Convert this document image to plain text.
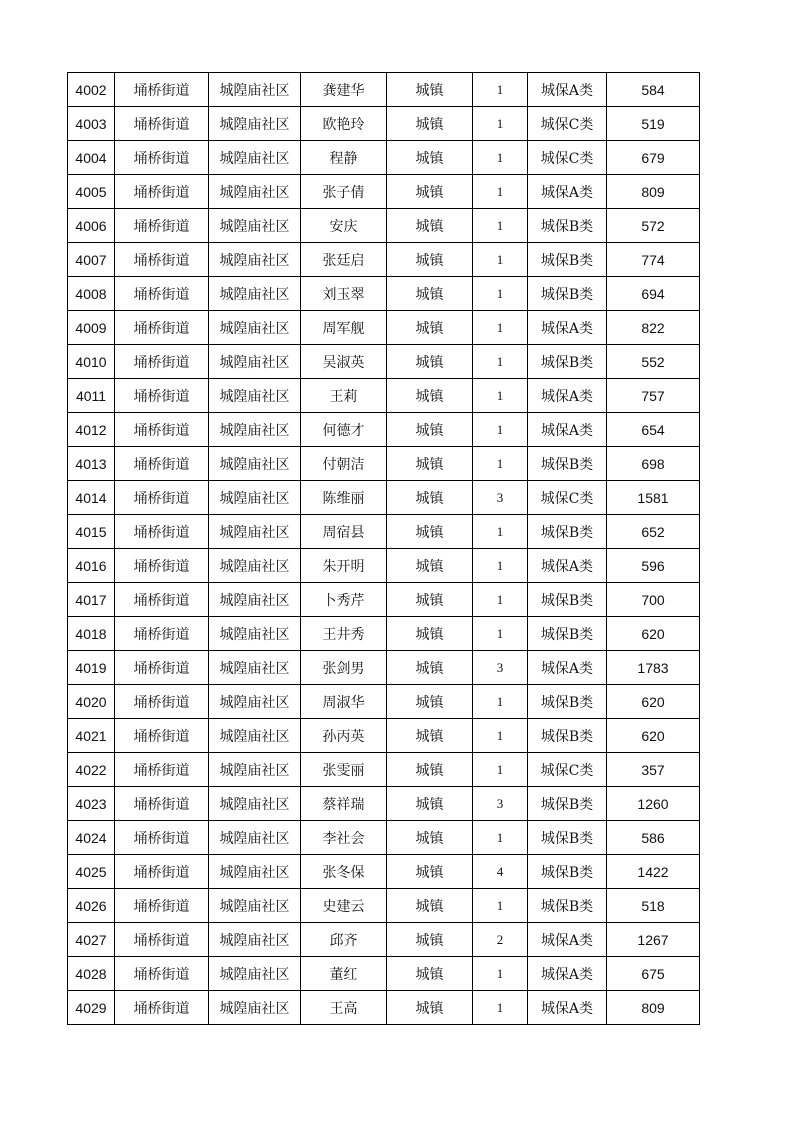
4002	埇桥街道	城隍庙社区	龚建华	城镇	1	城保A类	584
4003	埇桥街道	城隍庙社区	欧艳玲	城镇	1	城保C类	519
4004	埇桥街道	城隍庙社区	程静	城镇	1	城保C类	679
4005	埇桥街道	城隍庙社区	张子倩	城镇	1	城保A类	809
4006	埇桥街道	城隍庙社区	安庆	城镇	1	城保B类	572
4007	埇桥街道	城隍庙社区	张廷启	城镇	1	城保B类	774
4008	埇桥街道	城隍庙社区	刘玉翠	城镇	1	城保B类	694
4009	埇桥街道	城隍庙社区	周军舰	城镇	1	城保A类	822
4010	埇桥街道	城隍庙社区	吴淑英	城镇	1	城保B类	552
4011	埇桥街道	城隍庙社区	王莉	城镇	1	城保A类	757
4012	埇桥街道	城隍庙社区	何德才	城镇	1	城保A类	654
4013	埇桥街道	城隍庙社区	付朝洁	城镇	1	城保B类	698
4014	埇桥街道	城隍庙社区	陈维丽	城镇	3	城保C类	1581
4015	埇桥街道	城隍庙社区	周宿县	城镇	1	城保B类	652
4016	埇桥街道	城隍庙社区	朱开明	城镇	1	城保A类	596
4017	埇桥街道	城隍庙社区	卜秀芹	城镇	1	城保B类	700
4018	埇桥街道	城隍庙社区	王井秀	城镇	1	城保B类	620
4019	埇桥街道	城隍庙社区	张剑男	城镇	3	城保A类	1783
4020	埇桥街道	城隍庙社区	周淑华	城镇	1	城保B类	620
4021	埇桥街道	城隍庙社区	孙丙英	城镇	1	城保B类	620
4022	埇桥街道	城隍庙社区	张雯丽	城镇	1	城保C类	357
4023	埇桥街道	城隍庙社区	蔡祥瑞	城镇	3	城保B类	1260
4024	埇桥街道	城隍庙社区	李社会	城镇	1	城保B类	586
4025	埇桥街道	城隍庙社区	张冬保	城镇	4	城保B类	1422
4026	埇桥街道	城隍庙社区	史建云	城镇	1	城保B类	518
4027	埇桥街道	城隍庙社区	邱齐	城镇	2	城保A类	1267
4028	埇桥街道	城隍庙社区	董红	城镇	1	城保A类	675
4029	埇桥街道	城隍庙社区	王高	城镇	1	城保A类	809
